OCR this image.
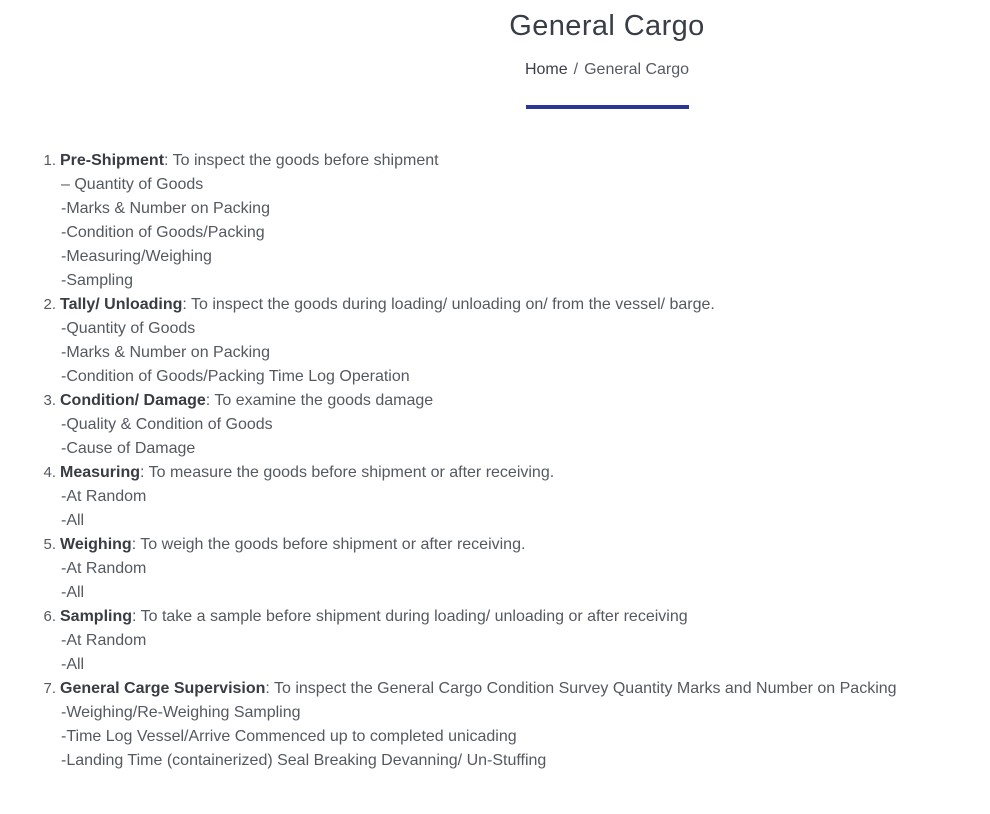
General Cargo
Home / General Cargo

1. Pre-Shipment: To inspect the goods before shipment

– Quantity of Goods

-Marks & Number on Packing

-Condition of Goods/Packing

-Measuring/Weighing

-Sampling

2. Tally/ Unloading: To inspect the goods during loading/ unloading on/ from the vessel/ barge.

-Quantity of Goods

-Marks & Number on Packing

-Condition of Goods/Packing Time Log Operation

3. Condition/ Damage: To examine the goods damage

-Quality & Condition of Goods

-Cause of Damage

4. Measuring: To measure the goods before shipment or after receiving.

-At Random

-All

5. Weighing: To weigh the goods before shipment or after receiving.

-At Random

-All

6. Sampling: To take a sample before shipment during loading/ unloading or after receiving

-At Random

-All

7. General Carge Supervision: To inspect the General Cargo Condition Survey Quantity Marks and Number on Packing

-Weighing/Re-Weighing Sampling

-Time Log Vessel/Arrive Commenced up to completed unicading

-Landing Time (containerized) Seal Breaking Devanning/ Un-Stuffing
